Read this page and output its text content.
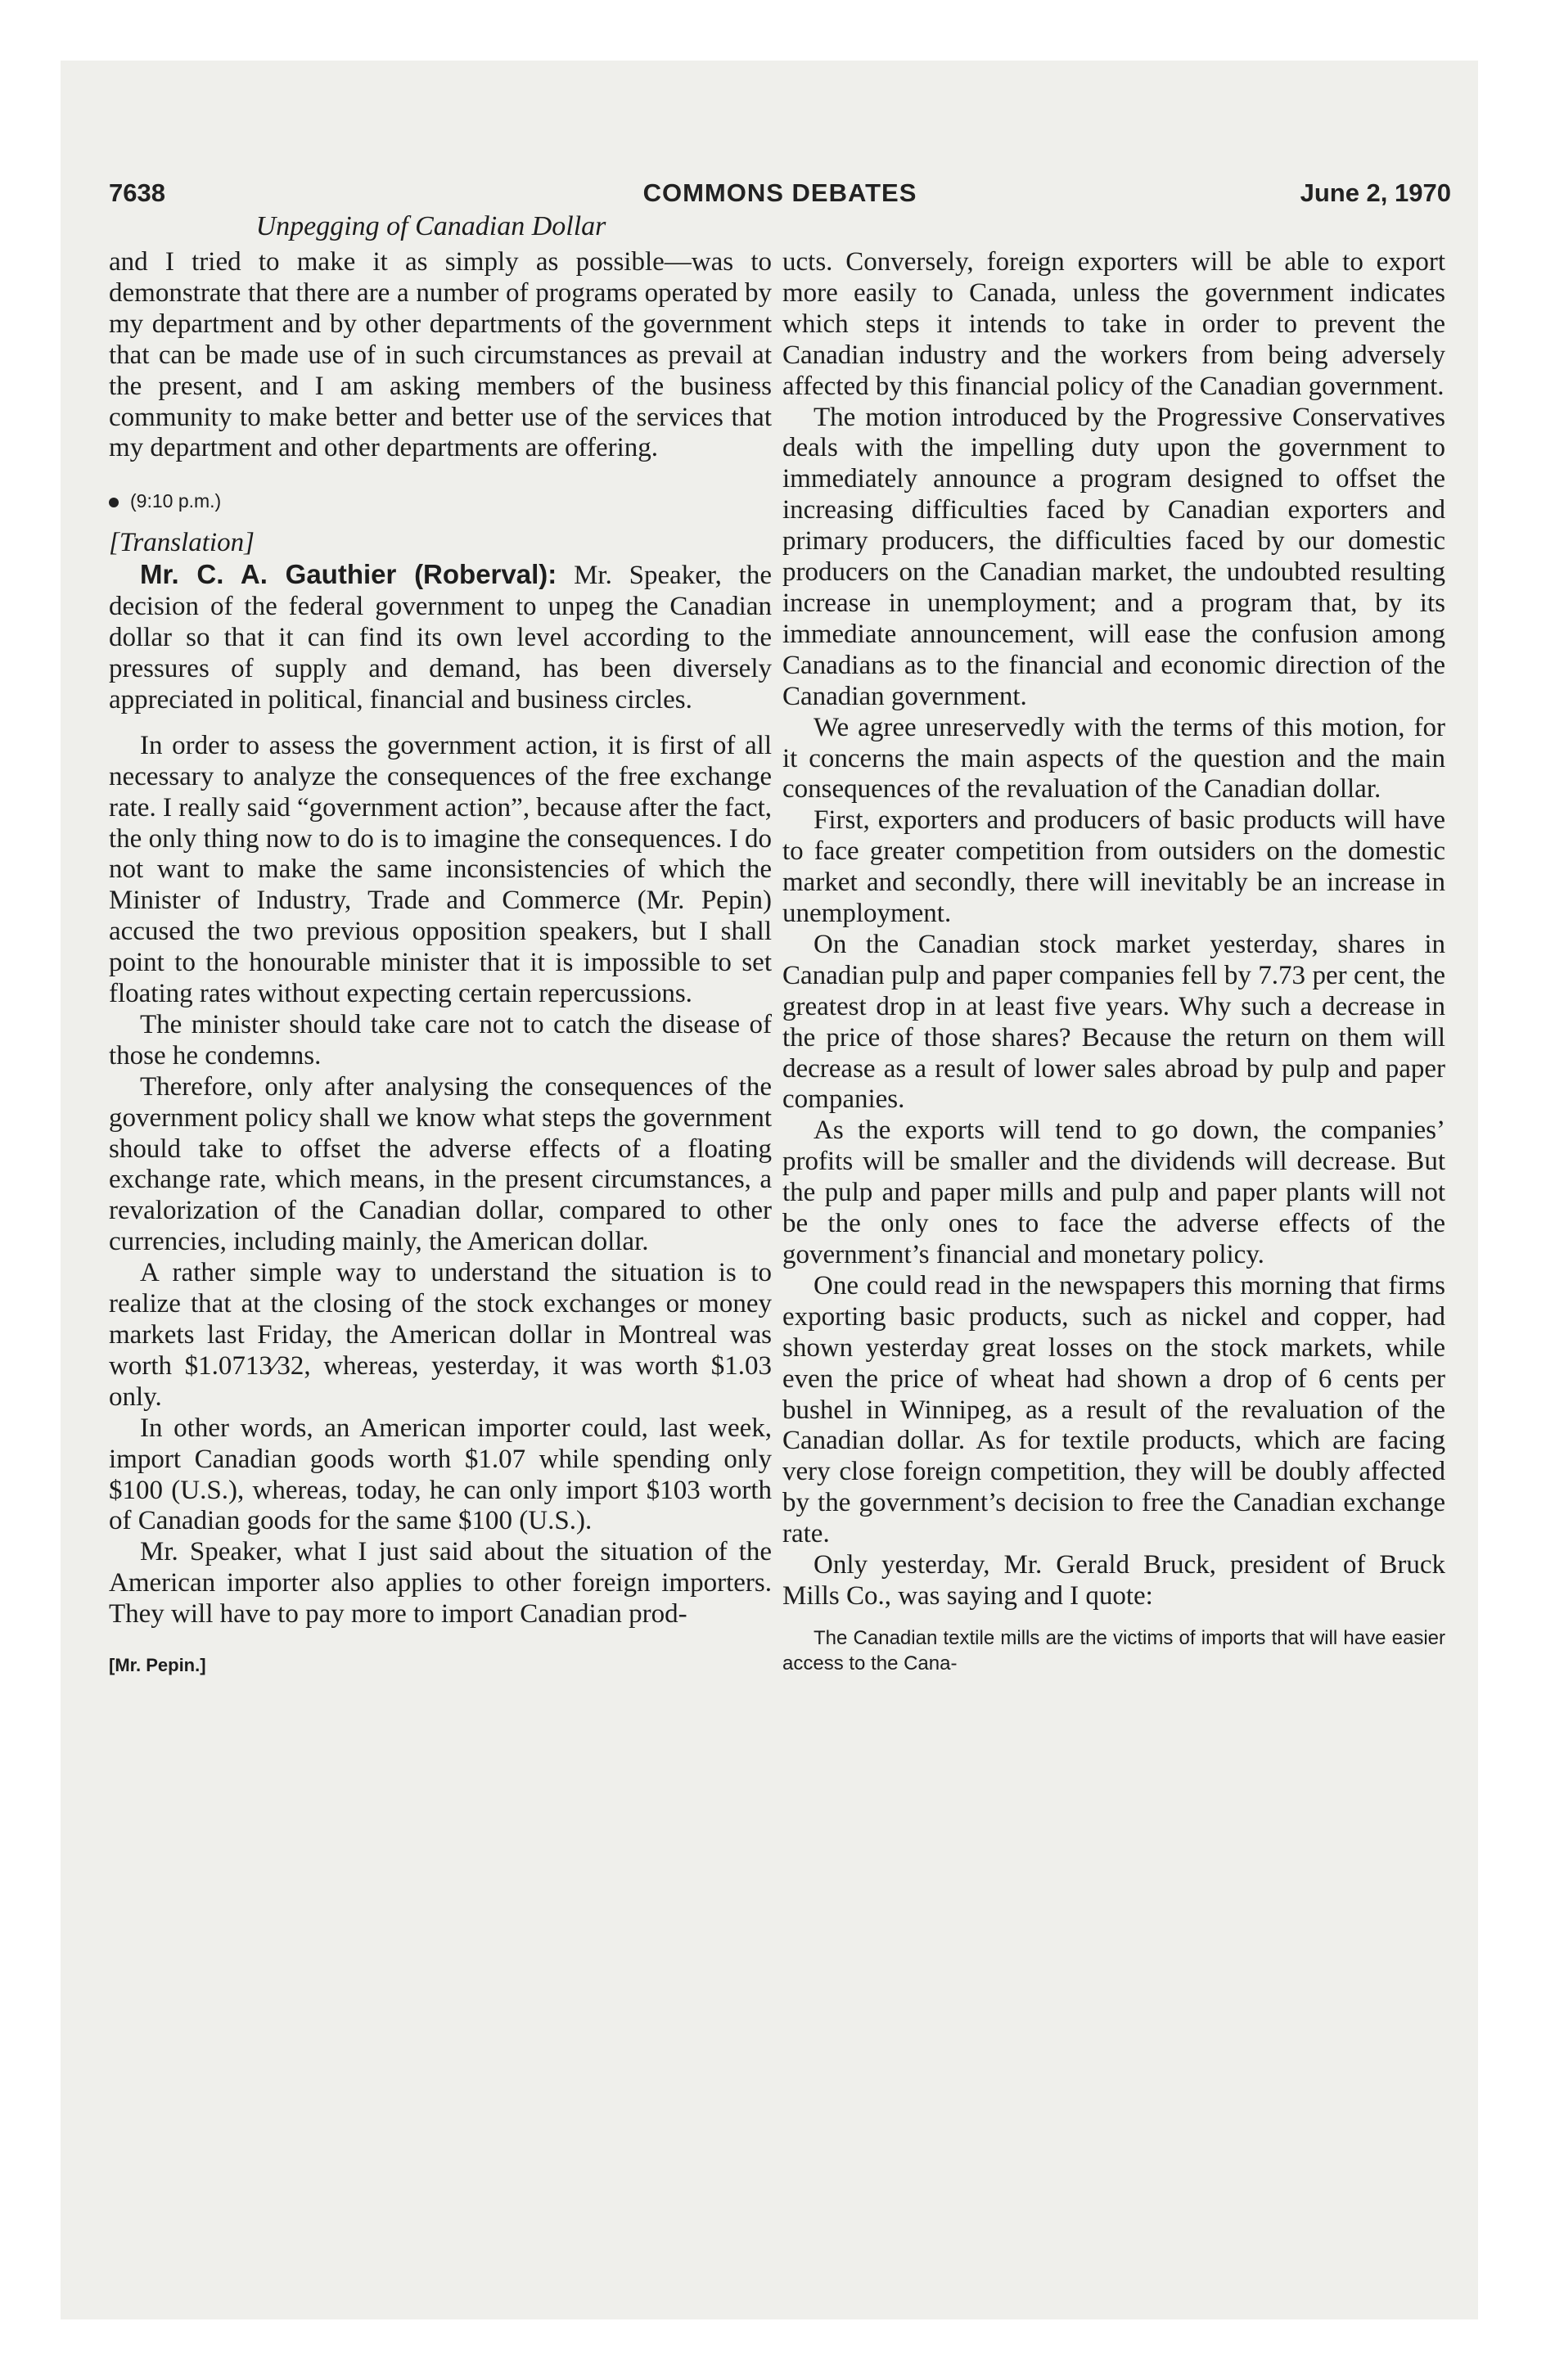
7638	COMMONS DEBATES	June 2, 1970
Unpegging of Canadian Dollar

and I tried to make it as simply as possible—was to demonstrate that there are a number of programs operated by my department and by other departments of the government that can be made use of in such circumstances as prevail at the present, and I am asking members of the business community to make better and better use of the services that my department and other departments are offering.

(9:10 p.m.)

[Translation]

Mr. C. A. Gauthier (Roberval): Mr. Speaker, the decision of the federal government to unpeg the Canadian dollar so that it can find its own level according to the pressures of supply and demand, has been diversely appreciated in political, financial and business circles.

In order to assess the government action, it is first of all necessary to analyze the consequences of the free exchange rate. I really said “government action”, because after the fact, the only thing now to do is to imagine the consequences. I do not want to make the same inconsistencies of which the Minister of Industry, Trade and Commerce (Mr. Pepin) accused the two previous opposition speakers, but I shall point to the honourable minister that it is impossible to set floating rates without expecting certain repercussions.

The minister should take care not to catch the disease of those he condemns.

Therefore, only after analysing the consequences of the government policy shall we know what steps the government should take to offset the adverse effects of a floating exchange rate, which means, in the present circumstances, a revalorization of the Canadian dollar, compared to other currencies, including mainly, the American dollar.

A rather simple way to understand the situation is to realize that at the closing of the stock exchanges or money markets last Friday, the American dollar in Montreal was worth $1.0713⁄32, whereas, yesterday, it was worth $1.03 only.

In other words, an American importer could, last week, import Canadian goods worth $1.07 while spending only $100 (U.S.), whereas, today, he can only import $103 worth of Canadian goods for the same $100 (U.S.).

Mr. Speaker, what I just said about the situation of the American importer also applies to other foreign importers. They will have to pay more to import Canadian prod-

[Mr. Pepin.]

ucts. Conversely, foreign exporters will be able to export more easily to Canada, unless the government indicates which steps it intends to take in order to prevent the Canadian industry and the workers from being adversely affected by this financial policy of the Canadian government.

The motion introduced by the Progressive Conservatives deals with the impelling duty upon the government to immediately announce a program designed to offset the increasing difficulties faced by Canadian exporters and primary producers, the difficulties faced by our domestic producers on the Canadian market, the undoubted resulting increase in unemployment; and a program that, by its immediate announcement, will ease the confusion among Canadians as to the financial and economic direction of the Canadian government.

We agree unreservedly with the terms of this motion, for it concerns the main aspects of the question and the main consequences of the revaluation of the Canadian dollar.

First, exporters and producers of basic products will have to face greater competition from outsiders on the domestic market and secondly, there will inevitably be an increase in unemployment.

On the Canadian stock market yesterday, shares in Canadian pulp and paper companies fell by 7.73 per cent, the greatest drop in at least five years. Why such a decrease in the price of those shares? Because the return on them will decrease as a result of lower sales abroad by pulp and paper companies.

As the exports will tend to go down, the companies’ profits will be smaller and the dividends will decrease. But the pulp and paper mills and pulp and paper plants will not be the only ones to face the adverse effects of the government’s financial and monetary policy.

One could read in the newspapers this morning that firms exporting basic products, such as nickel and copper, had shown yesterday great losses on the stock markets, while even the price of wheat had shown a drop of 6 cents per bushel in Winnipeg, as a result of the revaluation of the Canadian dollar. As for textile products, which are facing very close foreign competition, they will be doubly affected by the government’s decision to free the Canadian exchange rate.

Only yesterday, Mr. Gerald Bruck, president of Bruck Mills Co., was saying and I quote:

The Canadian textile mills are the victims of imports that will have easier access to the Cana-
